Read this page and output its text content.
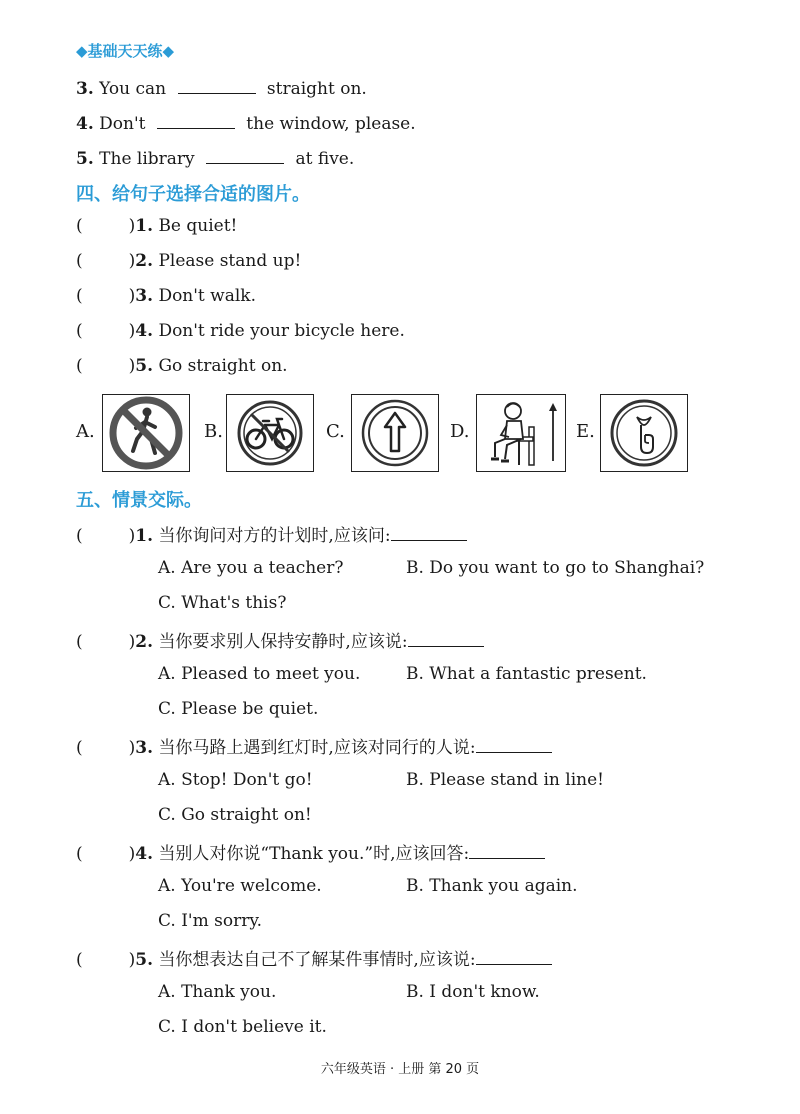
◆基础天天练◆
3. You can	straight on.
4. Don't	the window, please.
5. The library	at five.
四、给句子选择合适的图片。
(	)1. Be quiet!
(	)2. Please stand up!
(	)3. Don't walk.
(	)4. Don't ride your bicycle here.
(	)5. Go straight on.
A.	B.	C.	D.	E.
五、情景交际。
(	)1. 当你询问对方的计划时,应该问:
A. Are you a teacher?	B. Do you want to go to Shanghai?
C. What's this?
(	)2. 当你要求别人保持安静时,应该说:
A. Pleased to meet you.	B. What a fantastic present.
C. Please be quiet.
(	)3. 当你马路上遇到红灯时,应该对同行的人说:
A. Stop! Don't go!	B. Please stand in line!
C. Go straight on!
(	)4. 当别人对你说“Thank you.”时,应该回答:
A. You're welcome.	B. Thank you again.
C. I'm sorry.
(	)5. 当你想表达自己不了解某件事情时,应该说:
A. Thank you.	B. I don't know.
C. I don't believe it.
六年级英语 · 上册 第 20 页
